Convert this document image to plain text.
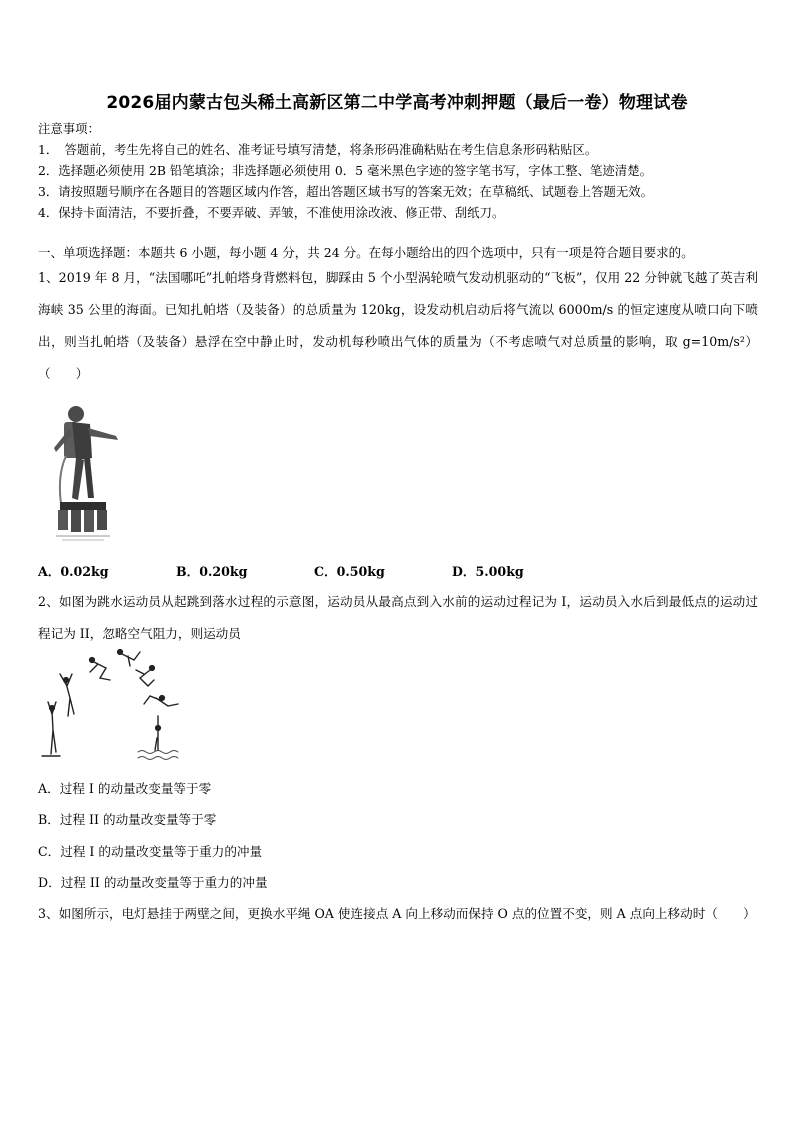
2026届内蒙古包头稀土高新区第二中学高考冲刺押题（最后一卷）物理试卷
注意事项：
1．　答题前，考生先将自己的姓名、准考证号填写清楚，将条形码准确粘贴在考生信息条形码粘贴区。
2．选择题必须使用 2B 铅笔填涂；非选择题必须使用 0．5 毫米黑色字迹的签字笔书写，字体工整、笔迹清楚。
3．请按照题号顺序在各题目的答题区域内作答，超出答题区域书写的答案无效；在草稿纸、试题卷上答题无效。
4．保持卡面清洁，不要折叠，不要弄破、弄皱，不准使用涂改液、修正带、刮纸刀。
一、单项选择题：本题共 6 小题，每小题 4 分，共 24 分。在每小题给出的四个选项中，只有一项是符合题目要求的。
1、2019 年 8 月，“法国哪吒”扎帕塔身背燃料包，脚踩由 5 个小型涡轮喷气发动机驱动的“飞板”，仅用 22 分钟就飞越了英吉利海峡 35 公里的海面。已知扎帕塔（及装备）的总质量为 120kg，设发动机启动后将气流以 6000m/s 的恒定速度从喷口向下喷出，则当扎帕塔（及装备）悬浮在空中静止时，发动机每秒喷出气体的质量为（不考虑喷气对总质量的影响，取 g=10m/s²）（　　）
A．0.02kg	B．0.20kg	C．0.50kg	D．5.00kg
2、如图为跳水运动员从起跳到落水过程的示意图，运动员从最高点到入水前的运动过程记为 I，运动员入水后到最低点的运动过程记为 II，忽略空气阻力，则运动员
A．过程 I 的动量改变量等于零
B．过程 II 的动量改变量等于零
C．过程 I 的动量改变量等于重力的冲量
D．过程 II 的动量改变量等于重力的冲量
3、如图所示，电灯悬挂于两壁之间，更换水平绳 OA 使连接点 A 向上移动而保持 O 点的位置不变，则 A 点向上移动时（　　）
